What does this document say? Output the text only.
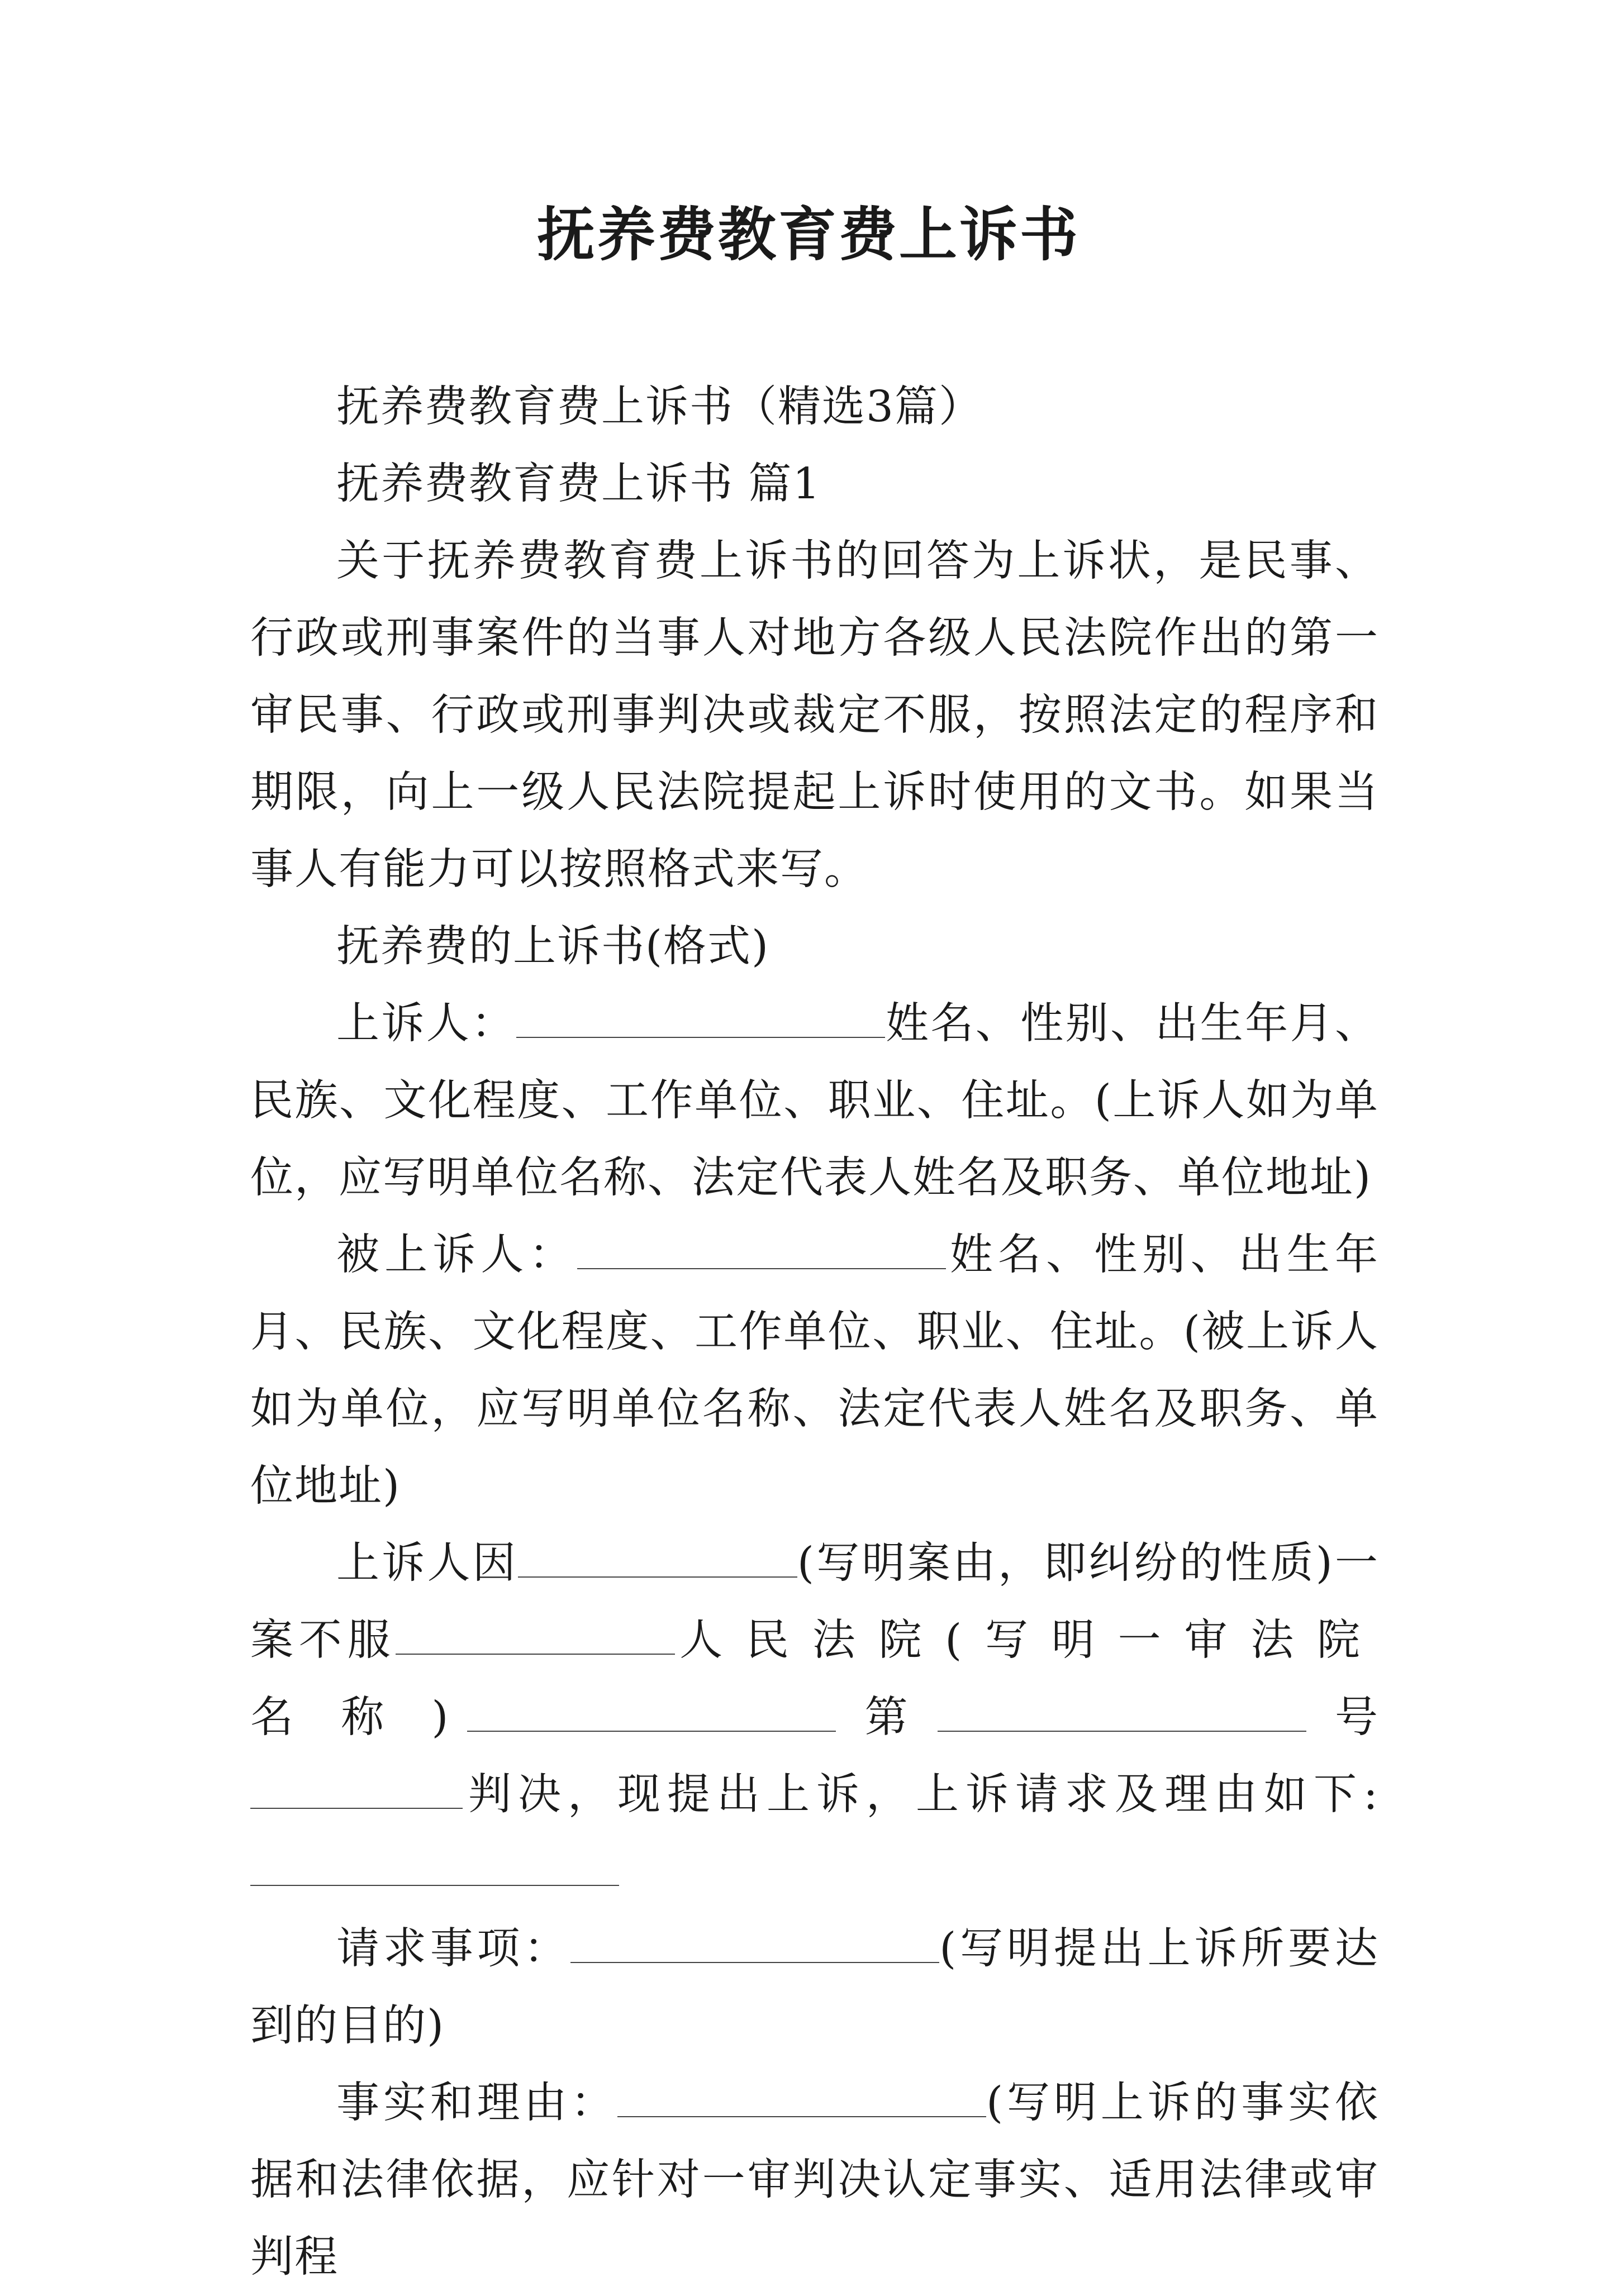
抚养费教育费上诉书

抚养费教育费上诉书（精选3篇）

抚养费教育费上诉书 篇1

关于抚养费教育费上诉书的回答为上诉状，是民事、行政或刑事案件的当事人对地方各级人民法院作出的第一审民事、行政或刑事判决或裁定不服，按照法定的程序和期限，向上一级人民法院提起上诉时使用的文书。如果当事人有能力可以按照格式来写。

抚养费的上诉书(格式)

上诉人：	姓名、性别、出生年月、民族、文化程度、工作单位、职业、住址。(上诉人如为单位，应写明单位名称、法定代表人姓名及职务、单位地址)

被上诉人：	姓名、性别、出生年月、民族、文化程度、工作单位、职业、住址。(被上诉人如为单位，应写明单位名称、法定代表人姓名及职务、单位地址)

上诉人因	(写明案由，即纠纷的性质)一案不服	人民法院(写明一审法院名称)	第	号判决，现提出上诉，上诉请求及理由如下:

请求事项：	(写明提出上诉所要达到的目的)

事实和理由：	(写明上诉的事实依据和法律依据，应针对一审判决认定事实、适用法律或审判程
